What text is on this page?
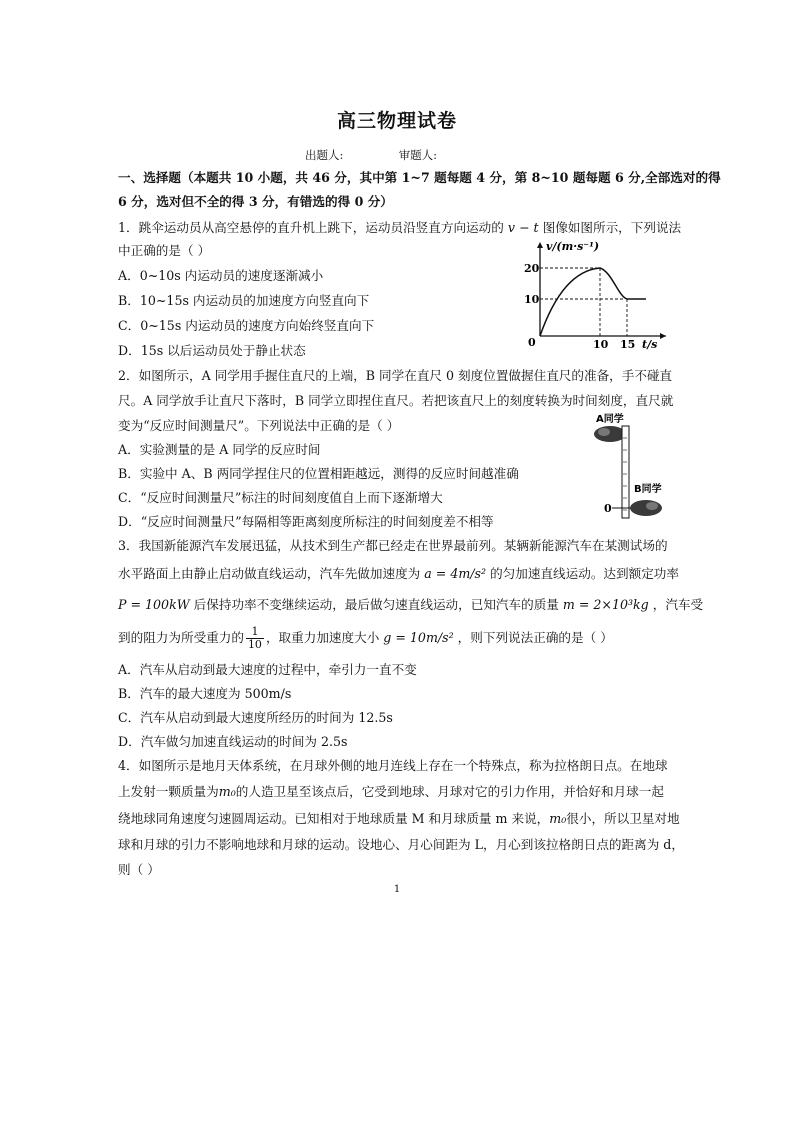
高三物理试卷
出题人:	审题人:
一、选择题（本题共 10 小题，共 46 分，其中第 1~7 题每题 4 分，第 8~10 题每题 6 分,全部选对的得
6 分，选对但不全的得 3 分，有错选的得 0 分）
1．跳伞运动员从高空悬停的直升机上跳下，运动员沿竖直方向运动的 v − t 图像如图所示，下列说法
中正确的是（ ）
A．0~10s 内运动员的速度逐渐减小
B．10~15s 内运动员的加速度方向竖直向下
C．0~15s 内运动员的速度方向始终竖直向下
D．15s 以后运动员处于静止状态
v/(m·s⁻¹)
t/s
20
10
0	10 15
2．如图所示，A 同学用手握住直尺的上端，B 同学在直尺 0 刻度位置做握住直尺的准备，手不碰直
尺。A 同学放手让直尺下落时，B 同学立即捏住直尺。若把该直尺上的刻度转换为时间刻度，直尺就
变为“反应时间测量尺”。下列说法中正确的是（ ）
A．实验测量的是 A 同学的反应时间
B．实验中 A、B 两同学捏住尺的位置相距越远，测得的反应时间越准确
C．“反应时间测量尺”标注的时间刻度值自上而下逐渐增大
D．“反应时间测量尺”每隔相等距离刻度所标注的时间刻度差不相等
A同学
0
B同学
3．我国新能源汽车发展迅猛，从技术到生产都已经走在世界最前列。某辆新能源汽车在某测试场的
水平路面上由静止启动做直线运动，汽车先做加速度为 a = 4m/s² 的匀加速直线运动。达到额定功率
P = 100kW 后保持功率不变继续运动，最后做匀速直线运动，已知汽车的质量 m = 2×10³kg ，汽车受
到的阻力为所受重力的 $\frac{1}{10}$ ，取重力加速度大小 g = 10m/s² ，则下列说法正确的是（ ）
A．汽车从启动到最大速度的过程中，牵引力一直不变
B．汽车的最大速度为 500m/s
C．汽车从启动到最大速度所经历的时间为 12.5s
D．汽车做匀加速直线运动的时间为 2.5s
4．如图所示是地月天体系统，在月球外侧的地月连线上存在一个特殊点，称为拉格朗日点。在地球
上发射一颗质量为m₀的人造卫星至该点后，它受到地球、月球对它的引力作用，并恰好和月球一起
绕地球同角速度匀速圆周运动。已知相对于地球质量 M 和月球质量 m 来说，m₀很小，所以卫星对地
球和月球的引力不影响地球和月球的运动。设地心、月心间距为 L，月心到该拉格朗日点的距离为 d，
则（ ）
1
